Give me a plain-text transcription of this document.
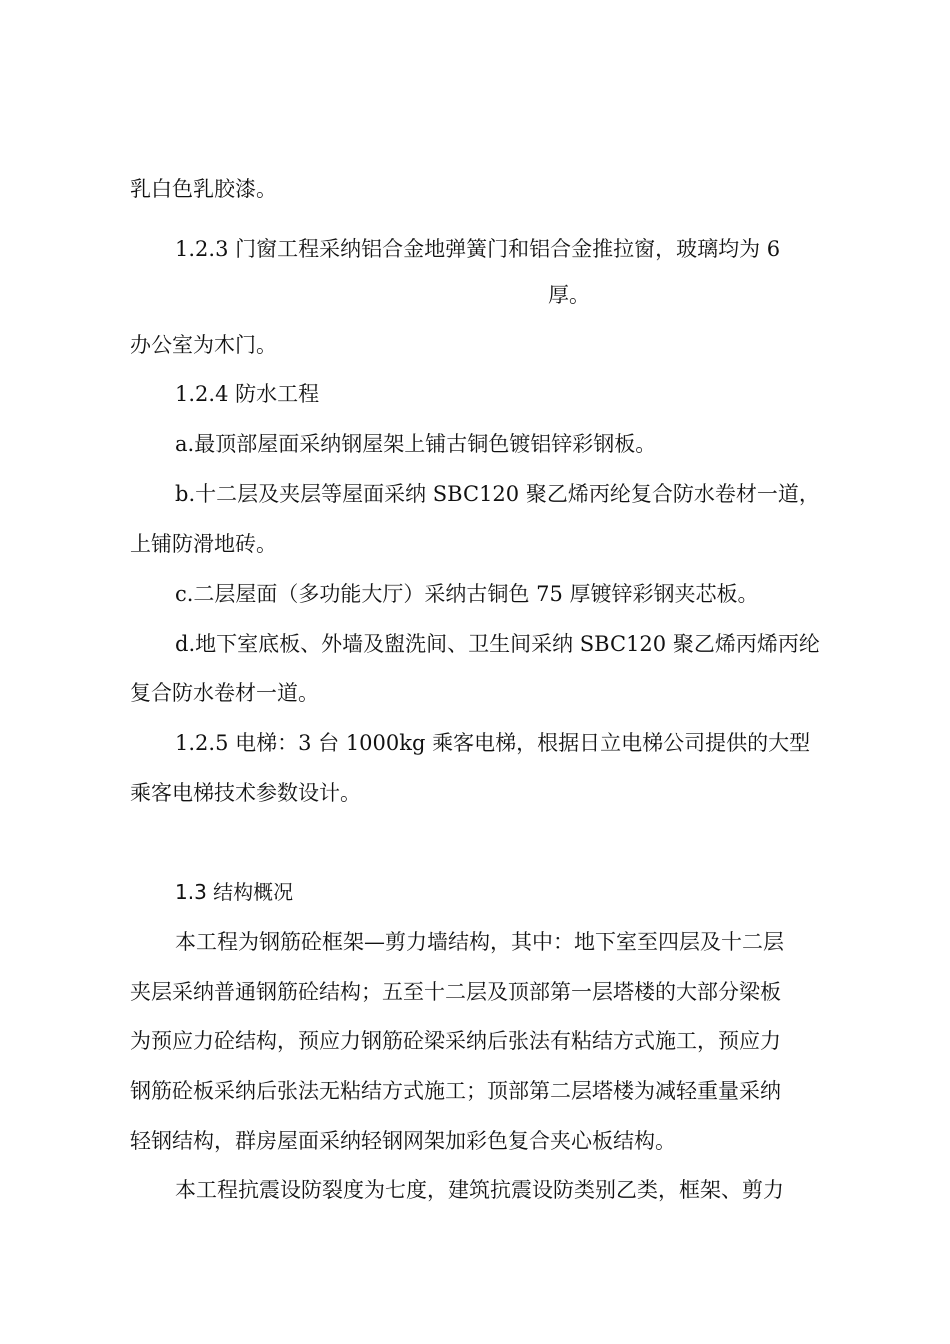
乳白色乳胶漆。
1.2.3 门窗工程采纳铝合金地弹簧门和铝合金推拉窗，玻璃均为 6
厚。
办公室为木门。
1.2.4 防水工程
a.最顶部屋面采纳钢屋架上铺古铜色镀铝锌彩钢板。
b.十二层及夹层等屋面采纳 SBC120 聚乙烯丙纶复合防水卷材一道，
上铺防滑地砖。
c.二层屋面（多功能大厅）采纳古铜色 75 厚镀锌彩钢夹芯板。
d.地下室底板、外墙及盥洗间、卫生间采纳 SBC120 聚乙烯丙烯丙纶
复合防水卷材一道。
1.2.5 电梯：3 台 1000kg 乘客电梯，根据日立电梯公司提供的大型
乘客电梯技术参数设计。
1.3 结构概况
本工程为钢筋砼框架—剪力墙结构，其中：地下室至四层及十二层
夹层采纳普通钢筋砼结构；五至十二层及顶部第一层塔楼的大部分梁板
为预应力砼结构，预应力钢筋砼梁采纳后张法有粘结方式施工，预应力
钢筋砼板采纳后张法无粘结方式施工；顶部第二层塔楼为减轻重量采纳
轻钢结构，群房屋面采纳轻钢网架加彩色复合夹心板结构。
本工程抗震设防裂度为七度，建筑抗震设防类别乙类，框架、剪力
